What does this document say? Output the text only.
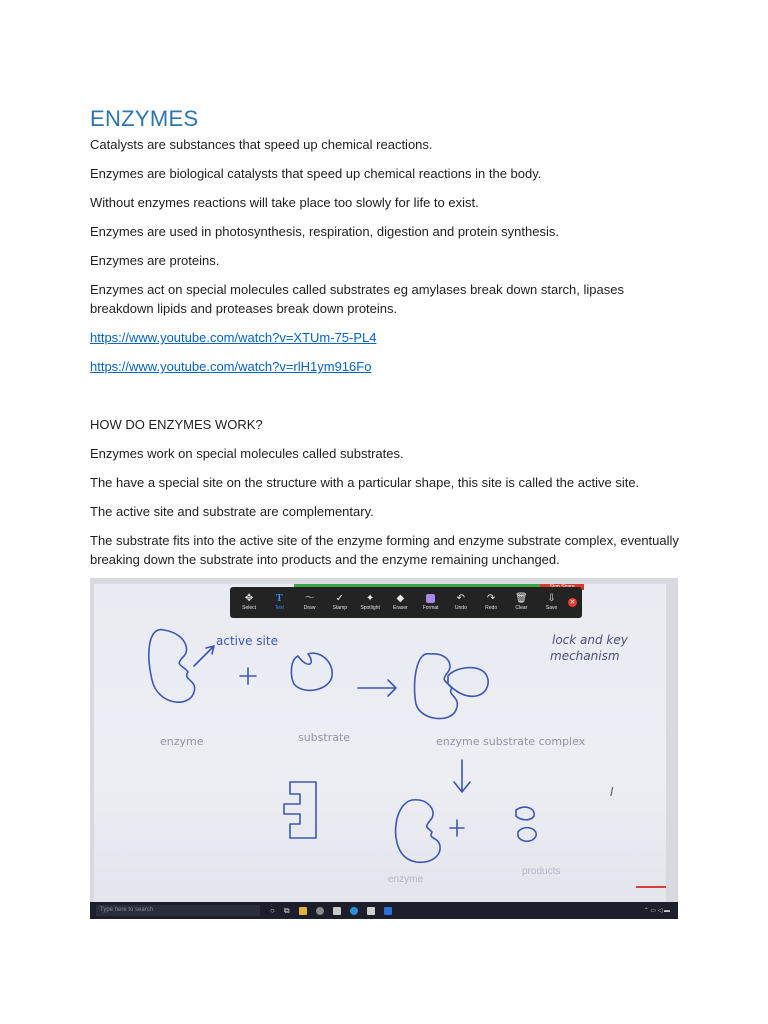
ENZYMES

Catalysts are substances that speed up chemical reactions.

Enzymes are biological catalysts that speed up chemical reactions in the body.

Without enzymes reactions will take place too slowly for life to exist.

Enzymes are used in photosynthesis, respiration, digestion and protein synthesis.

Enzymes are proteins.

Enzymes act on special molecules called substrates eg amylases break down starch, lipases breakdown lipids and proteases break down proteins.

https://www.youtube.com/watch?v=XTUm-75-PL4
https://www.youtube.com/watch?v=rlH1ym916Fo

HOW DO ENZYMES WORK?

Enzymes work on special molecules called substrates.

The have a special site on the structure with a particular shape, this site is called the active site.

The active site and substrate are complementary.

The substrate fits into the active site of the enzyme forming and enzyme substrate complex, eventually breaking down the substrate into products and the enzyme remaining unchanged.

✥
Select
T
Text
〜
Draw
✓
Stamp
✦
Spotlight
◆
Eraser	Format
↶
Undo
↷
Redo
🗑
Clear
⇩
Save
✕
active site	lock and key
mechanism
enzyme	substrate	enzyme substrate complex
I
enzyme
products
Type here to search	○ ⧉	⌃ ▭ ◁ ▬
